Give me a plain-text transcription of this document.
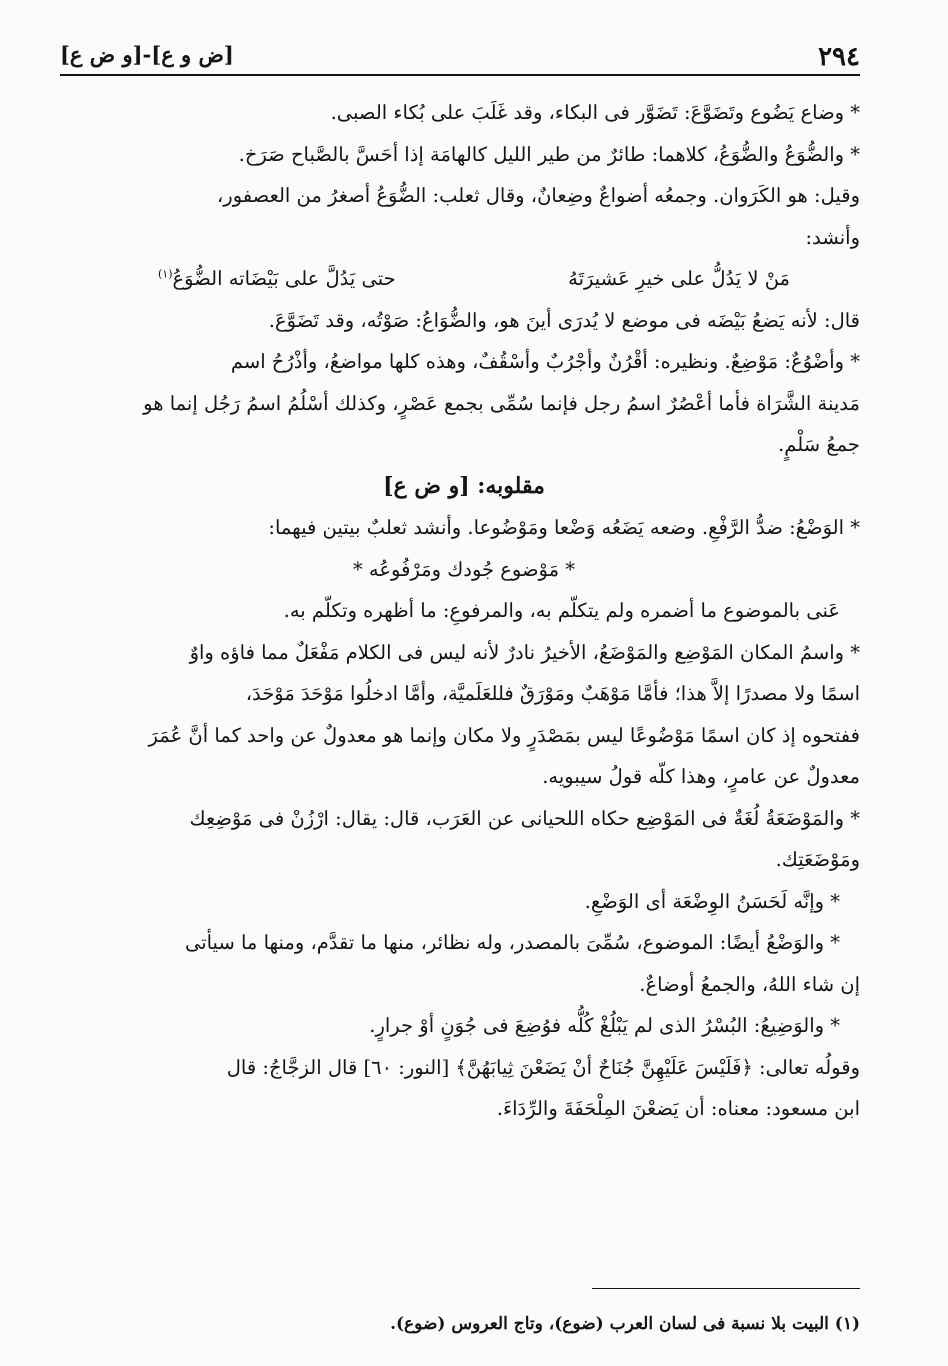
٢٩٤
[ض و ع]-[و ض ع]

* وضاع يَضُوع وتَضَوَّعَ: تَضَوَّر فى البكاء، وقد غَلَبَ على بُكاء الصبى.

* والضُّوَعُ والضُّوَعُ، كلاهما: طائرٌ من طير الليل كالهامَة إذا أحَسَّ بالصَّباح صَرَخ.

وقيل: هو الكَرَوان. وجمعُه أضواعٌ وضِعانٌ، وقال ثعلب: الضُّوَعُ أصغرُ من العصفور،

وأنشد:

مَنْ لا يَدُلُّ على خيرِ عَشيرَتَهُ
حتى يَدُلَّ على بَيْضَاته الضُّوَعُ$^{(١)}$

قال: لأنه يَضعُ بَيْضَه فى موضع لا يُدرَى أينَ هو، والضُّوَاعُ: صَوْتُه، وقد تَضَوَّعَ.

* وأضْوُعٌ: مَوْضِعٌ. ونظيره: أقْرُنٌ وأجْرُبٌ وأسْقُفٌ، وهذه كلها مواضعُ، وأذْرُحُ اسم

مَدينة الشَّرَاة فأما أعْصُرٌ اسمُ رجل فإنما سُمِّى بجمع عَصْرٍ، وكذلك أسْلُمُ اسمُ رَجُل إنما هو

جمعُ سَلْمٍ.

مقلوبه: [و ض ع]

* الوَضْعُ: ضدُّ الرَّفْعِ. وضعه يَضَعُه وَضْعا ومَوْضُوعا. وأنشد ثعلبٌ بيتين فيهما:

* مَوْضوع جُودك ومَرْفُوعُه *

عَنى بالموضوع ما أضمره ولم يتكلّم به، والمرفوعِ: ما أظهره وتكلّم به.

* واسمُ المكان المَوْضِع والمَوْضَعُ، الأخيرُ نادرٌ لأنه ليس فى الكلام مَفْعَلٌ مما فاؤه واوٌ

اسمًا ولا مصدرًا إلاَّ هذا؛ فأمَّا مَوْهَبٌ ومَوْرَقٌ فللعَلَميَّة، وأمَّا ادخلُوا مَوْحَدَ مَوْحَدَ،

ففتحوه إذ كان اسمًا مَوْضُوعًا ليس بمَصْدَرٍ ولا مكان وإنما هو معدولٌ عن واحد كما أنَّ عُمَرَ

معدولٌ عن عامرٍ، وهذا كلّه قولُ سيبويه.

* والمَوْضَعَةُ لُغَةٌ فى المَوْضِع حكاه اللحيانى عن العَرَب، قال: يقال: ارْزُنْ فى مَوْضِعِك

ومَوْضَعَتِك.

* وإنَّه لَحَسَنُ الوِضْعَة أى الوَضْعِ.

* والوَضْعُ أيضًا: الموضوع، سُمِّىَ بالمصدر، وله نظائر، منها ما تقدَّم، ومنها ما سيأتى

إن شاء اللهُ، والجمعُ أوضاعٌ.

* والوَضِيعُ: البُسْرُ الذى لم يَبْلُغْ كُلُّه فوُضِعَ فى جُوَنٍ أوْ جرارٍ.

وقولُه تعالى: ﴿فَلَيْسَ عَلَيْهِنَّ جُنَاحٌ أنْ يَضَعْنَ ثِيابَهُنَّ﴾ [النور: ٦٠] قال الزجَّاجُ: قال

ابن مسعود: معناه: أن يَضعْنَ المِلْحَفَةَ والرِّدَاءَ.

(١) البيت بلا نسبة فى لسان العرب (ضوع)، وتاج العروس (ضوع).
